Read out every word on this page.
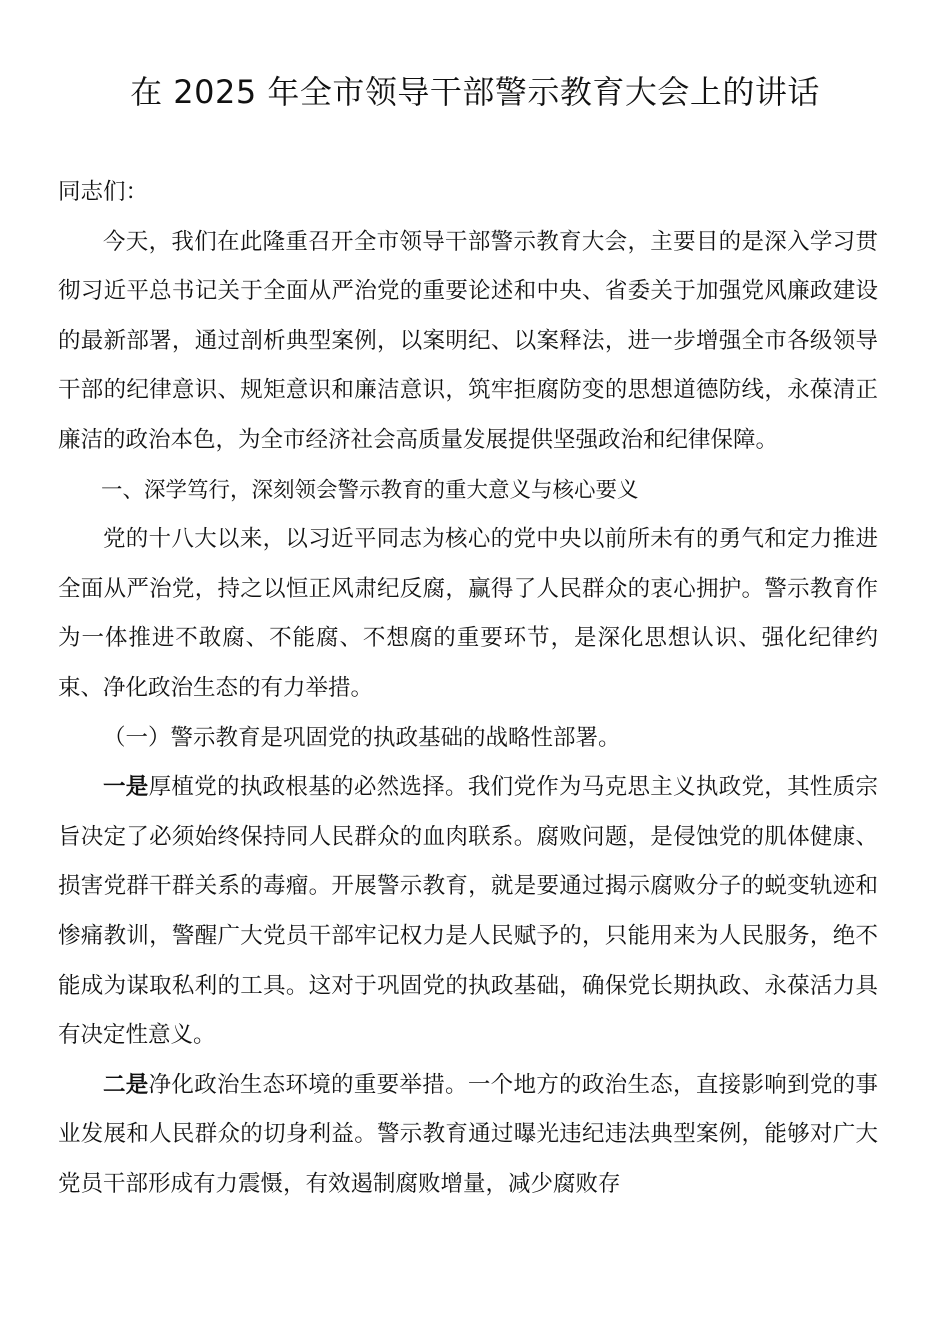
在 2025 年全市领导干部警示教育大会上的讲话

同志们：

今天，我们在此隆重召开全市领导干部警示教育大会，主要目的是深入学习贯彻习近平总书记关于全面从严治党的重要论述和中央、省委关于加强党风廉政建设的最新部署，通过剖析典型案例，以案明纪、以案释法，进一步增强全市各级领导干部的纪律意识、规矩意识和廉洁意识，筑牢拒腐防变的思想道德防线，永葆清正廉洁的政治本色，为全市经济社会高质量发展提供坚强政治和纪律保障。

一、深学笃行，深刻领会警示教育的重大意义与核心要义

党的十八大以来，以习近平同志为核心的党中央以前所未有的勇气和定力推进全面从严治党，持之以恒正风肃纪反腐，赢得了人民群众的衷心拥护。警示教育作为一体推进不敢腐、不能腐、不想腐的重要环节，是深化思想认识、强化纪律约束、净化政治生态的有力举措。

（一）警示教育是巩固党的执政基础的战略性部署。

一是厚植党的执政根基的必然选择。我们党作为马克思主义执政党，其性质宗旨决定了必须始终保持同人民群众的血肉联系。腐败问题，是侵蚀党的肌体健康、损害党群干群关系的毒瘤。开展警示教育，就是要通过揭示腐败分子的蜕变轨迹和惨痛教训，警醒广大党员干部牢记权力是人民赋予的，只能用来为人民服务，绝不能成为谋取私利的工具。这对于巩固党的执政基础，确保党长期执政、永葆活力具有决定性意义。

二是净化政治生态环境的重要举措。一个地方的政治生态，直接影响到党的事业发展和人民群众的切身利益。警示教育通过曝光违纪违法典型案例，能够对广大党员干部形成有力震慑，有效遏制腐败增量，减少腐败存
